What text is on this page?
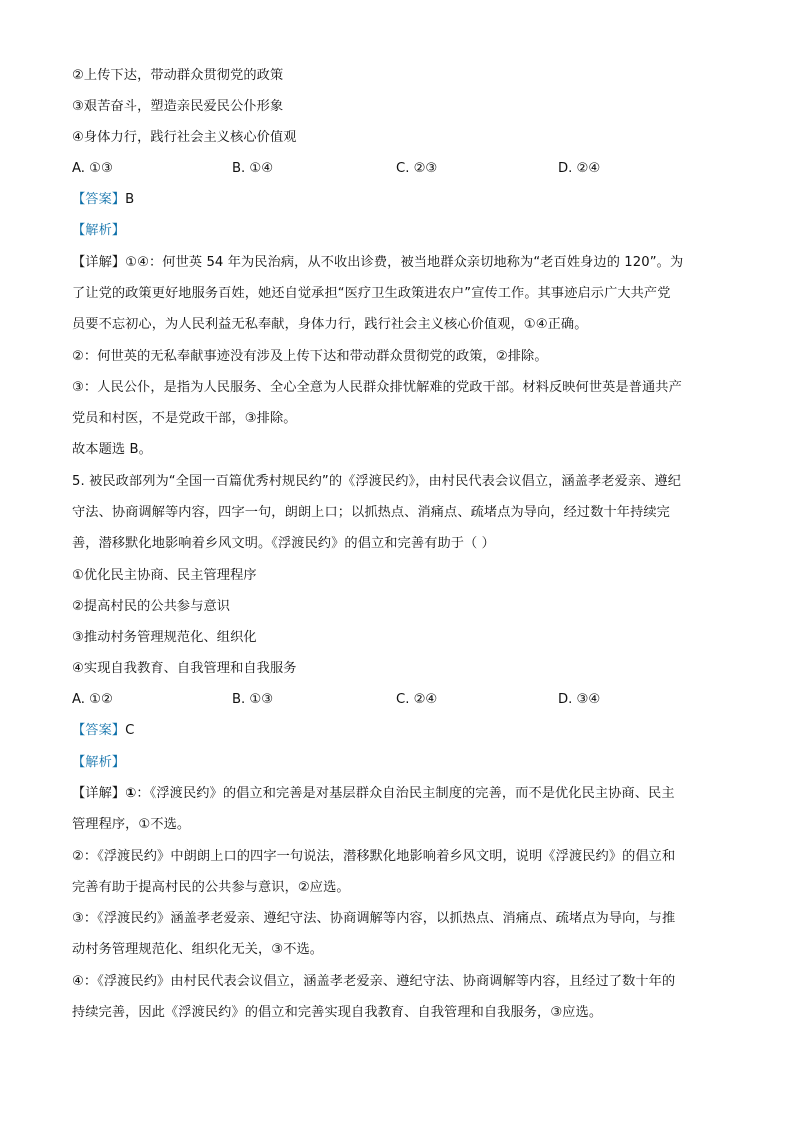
②上传下达，带动群众贯彻党的政策
③艰苦奋斗，塑造亲民爱民公仆形象
④身体力行，践行社会主义核心价值观
A. ①③	B. ①④	C. ②③	D. ②④
【答案】B
【解析】
【详解】①④：何世英 54 年为民治病，从不收出诊费，被当地群众亲切地称为“老百姓身边的 120”。为
了让党的政策更好地服务百姓，她还自觉承担“医疗卫生政策进农户”宣传工作。其事迹启示广大共产党
员要不忘初心，为人民利益无私奉献，身体力行，践行社会主义核心价值观，①④正确。
②：何世英的无私奉献事迹没有涉及上传下达和带动群众贯彻党的政策，②排除。
③：人民公仆，是指为人民服务、全心全意为人民群众排忧解难的党政干部。材料反映何世英是普通共产
党员和村医，不是党政干部，③排除。
故本题选 B。
5. 被民政部列为“全国一百篇优秀村规民约”的《浮渡民约》，由村民代表会议倡立，涵盖孝老爱亲、遵纪
守法、协商调解等内容，四字一句，朗朗上口；以抓热点、消痛点、疏堵点为导向，经过数十年持续完
善，潜移默化地影响着乡风文明。《浮渡民约》的倡立和完善有助于（ ）
①优化民主协商、民主管理程序
②提高村民的公共参与意识
③推动村务管理规范化、组织化
④实现自我教育、自我管理和自我服务
A. ①②	B. ①③	C. ②④	D. ③④
【答案】C
【解析】
【详解】①：《浮渡民约》的倡立和完善是对基层群众自治民主制度的完善，而不是优化民主协商、民主
管理程序，①不选。
②：《浮渡民约》中朗朗上口的四字一句说法，潜移默化地影响着乡风文明，说明《浮渡民约》的倡立和
完善有助于提高村民的公共参与意识，②应选。
③：《浮渡民约》涵盖孝老爱亲、遵纪守法、协商调解等内容，以抓热点、消痛点、疏堵点为导向，与推
动村务管理规范化、组织化无关，③不选。
④：《浮渡民约》由村民代表会议倡立，涵盖孝老爱亲、遵纪守法、协商调解等内容，且经过了数十年的
持续完善，因此《浮渡民约》的倡立和完善实现自我教育、自我管理和自我服务，③应选。
